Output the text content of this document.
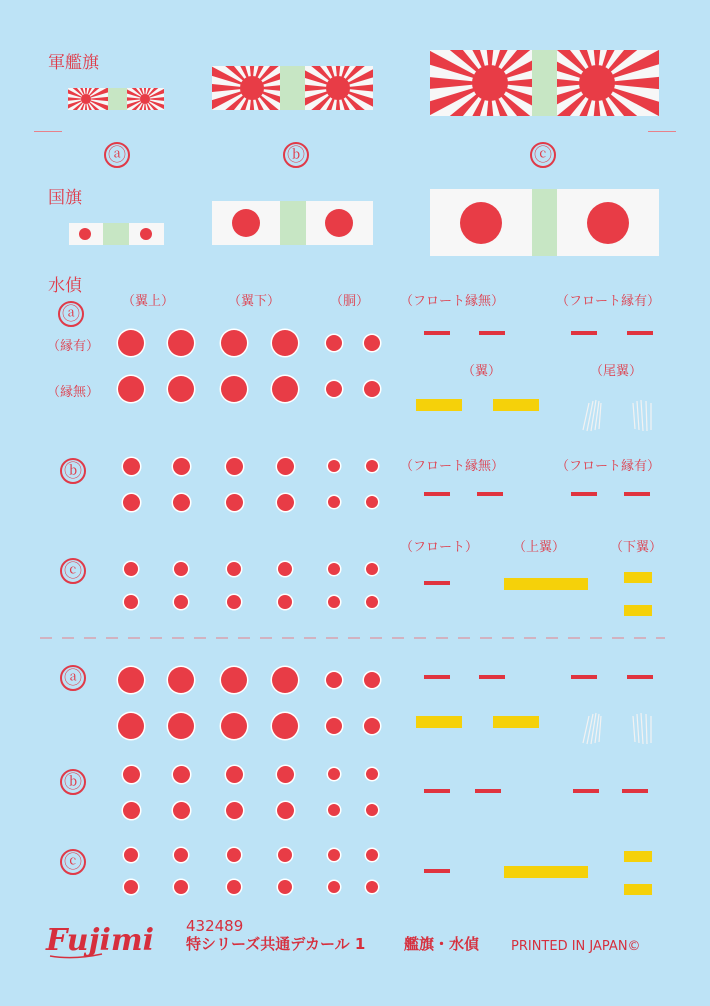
軍艦旗
ⓐ	ⓑ	ⓒ
国旗
水偵
ⓐ
（翼上）	（翼下）	（胴） （フロート縁無）	（フロート縁有）
（縁有）
（縁無）
（翼）	（尾翼）
ⓑ	（フロート縁無）	（フロート縁有）
ⓒ
（フロート）	（上翼）	（下翼）
ⓐ
ⓑ
ⓒ
Fujimi 432489
特シリーズ共通デカール 1	艦旗・水偵 PRINTED IN JAPAN©
